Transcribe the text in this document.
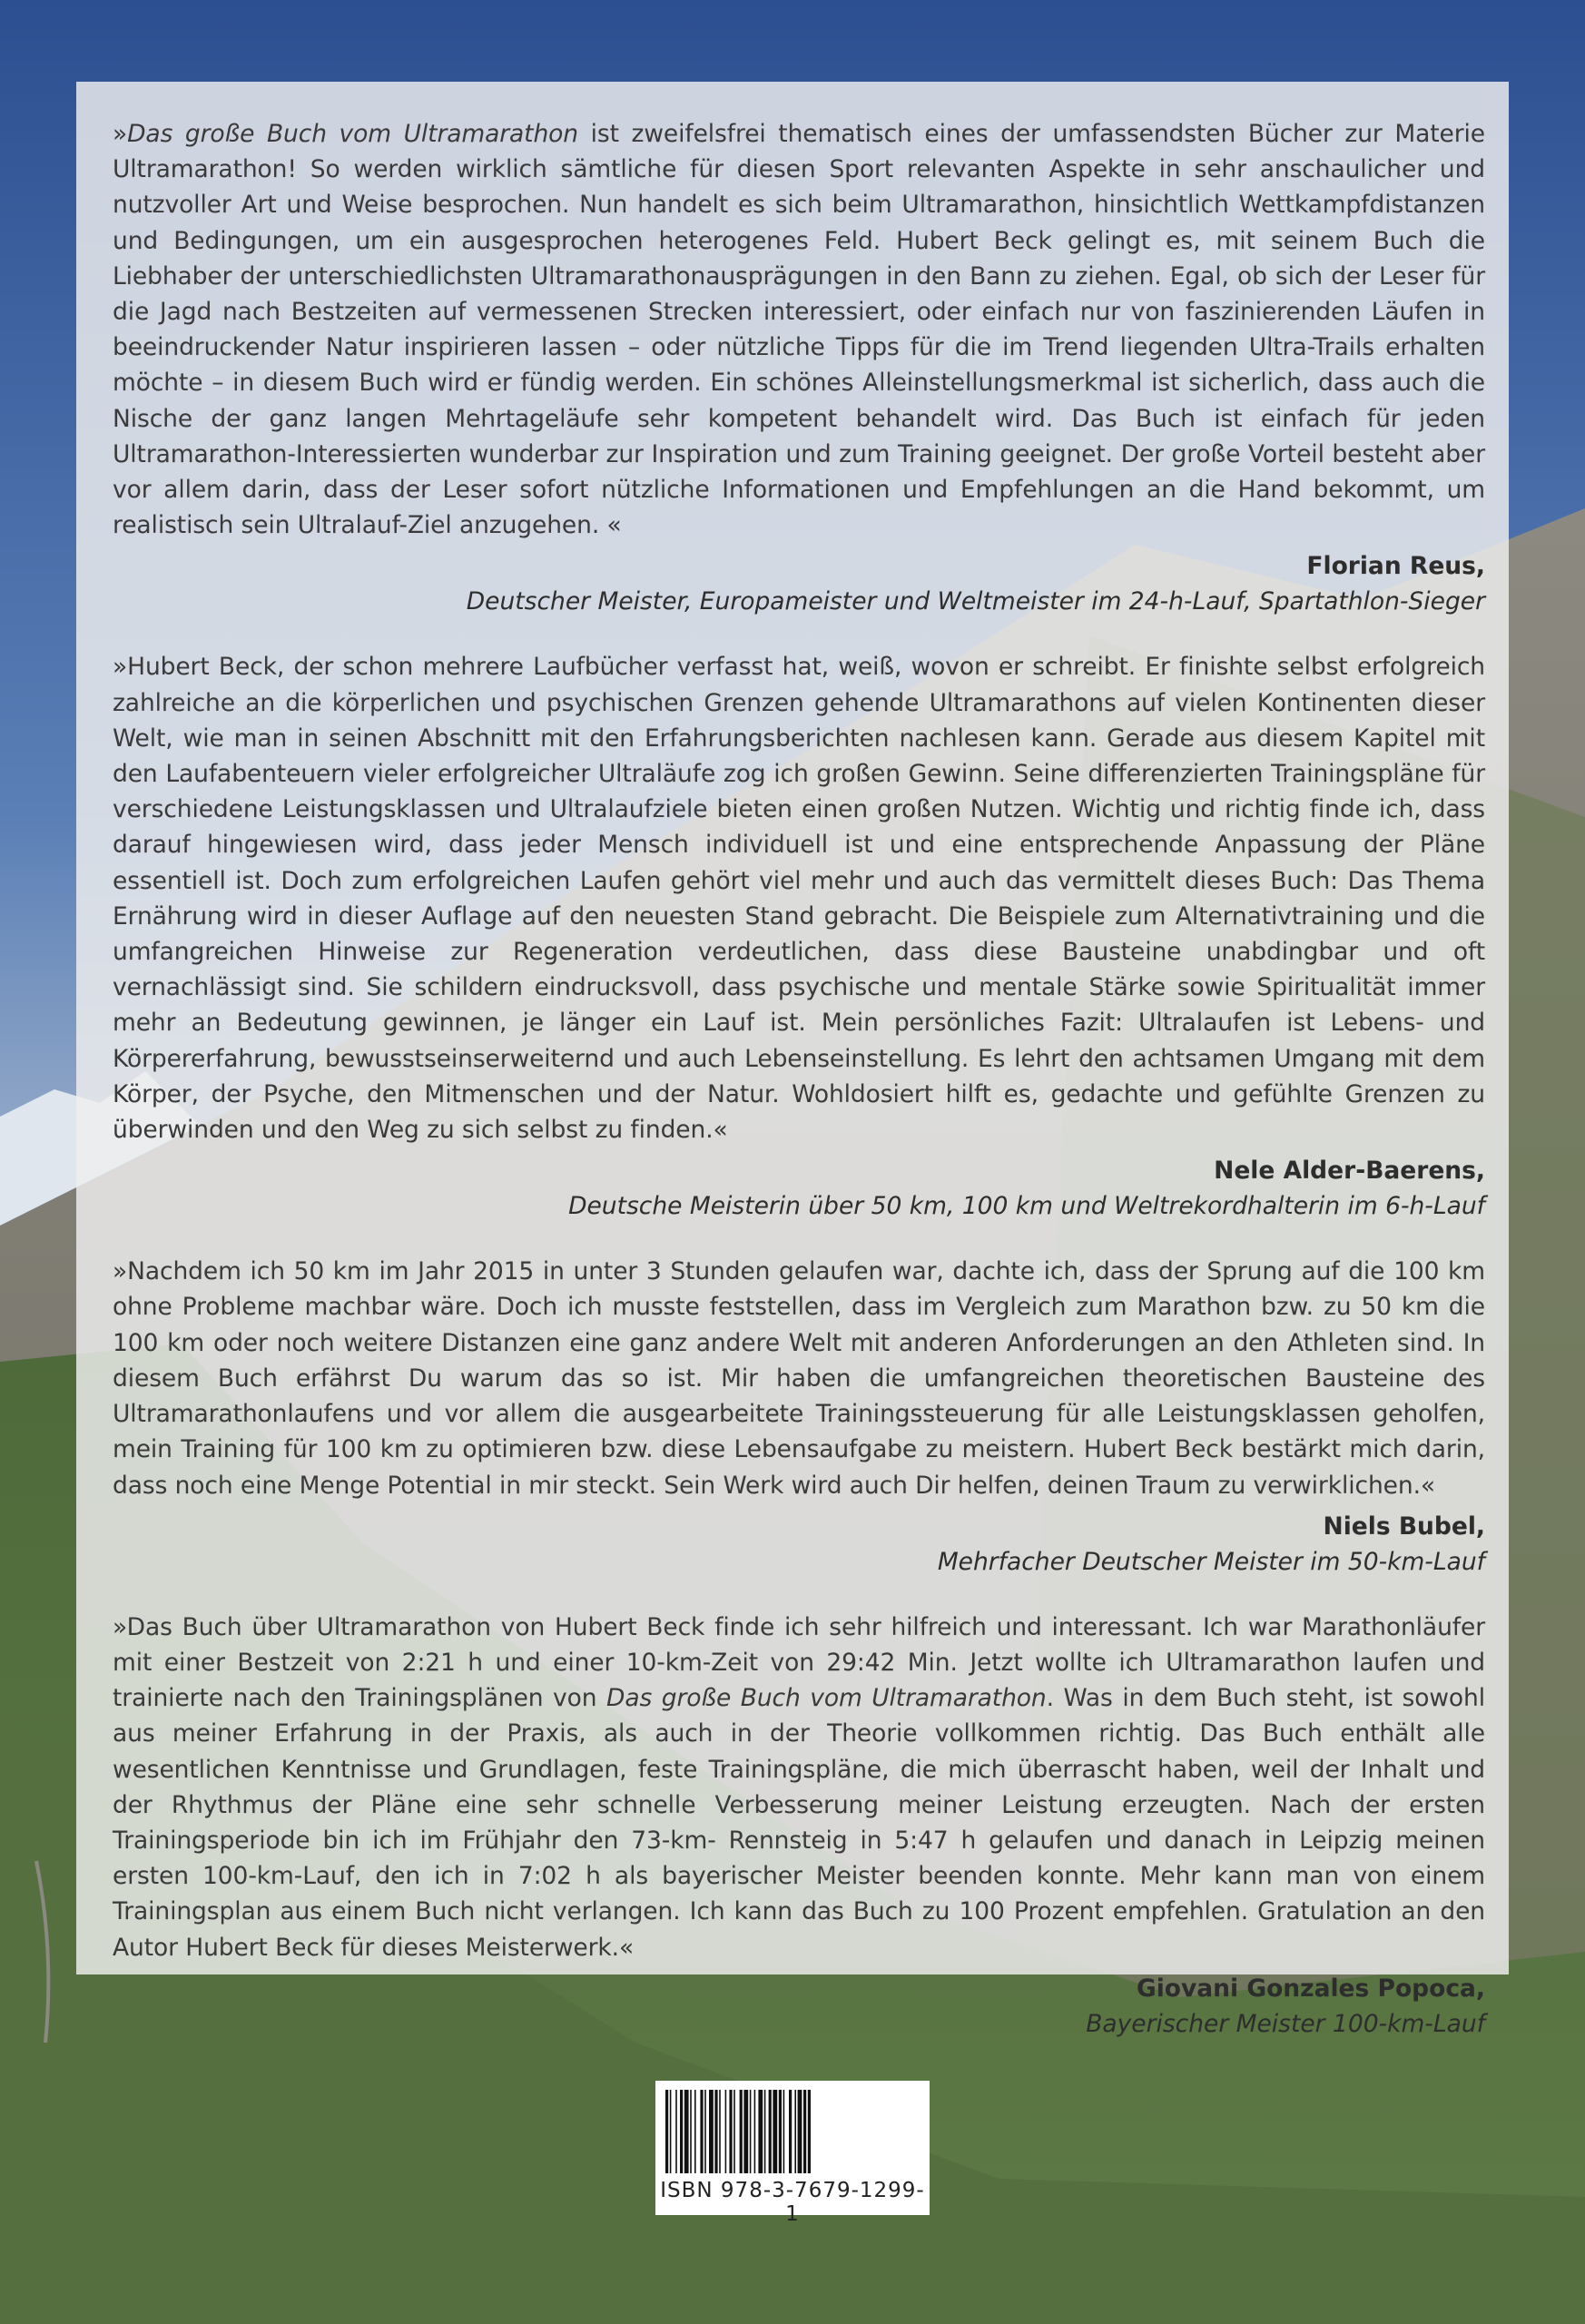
»Das große Buch vom Ultramarathon ist zweifelsfrei thematisch eines der umfassendsten Bücher zur Materie Ultramarathon! So werden wirklich sämtliche für diesen Sport relevanten Aspekte in sehr anschaulicher und nutzvoller Art und Weise besprochen. Nun handelt es sich beim Ultramarathon, hinsichtlich Wettkampfdistanzen und Bedingungen, um ein ausgesprochen heterogenes Feld. Hubert Beck gelingt es, mit seinem Buch die Liebhaber der unterschiedlichsten Ultramarathonausprägungen in den Bann zu ziehen. Egal, ob sich der Leser für die Jagd nach Bestzeiten auf vermessenen Strecken interessiert, oder einfach nur von faszinierenden Läufen in beeindruckender Natur inspirieren lassen – oder nützliche Tipps für die im Trend liegenden Ultra-Trails erhalten möchte – in diesem Buch wird er fündig werden. Ein schönes Alleinstellungsmerkmal ist sicherlich, dass auch die Nische der ganz langen Mehrtageläufe sehr kompetent behandelt wird. Das Buch ist einfach für jeden Ultramarathon-Interessierten wunderbar zur Inspiration und zum Training geeignet. Der große Vorteil besteht aber vor allem darin, dass der Leser sofort nützliche Informationen und Empfehlungen an die Hand bekommt, um realistisch sein Ultralauf-Ziel anzugehen. «

Florian Reus,
Deutscher Meister, Europameister und Weltmeister im 24-h-Lauf, Spartathlon-Sieger

»Hubert Beck, der schon mehrere Laufbücher verfasst hat, weiß, wovon er schreibt. Er finishte selbst erfolgreich zahlreiche an die körperlichen und psychischen Grenzen gehende Ultramarathons auf vielen Kontinenten dieser Welt, wie man in seinen Abschnitt mit den Erfahrungsberichten nachlesen kann. Gerade aus diesem Kapitel mit den Laufabenteuern vieler erfolgreicher Ultraläufe zog ich großen Gewinn. Seine differenzierten Trainingspläne für verschiedene Leistungsklassen und Ultralaufziele bieten einen großen Nutzen. Wichtig und richtig finde ich, dass darauf hingewiesen wird, dass jeder Mensch individuell ist und eine entsprechende Anpassung der Pläne essentiell ist. Doch zum erfolgreichen Laufen gehört viel mehr und auch das vermittelt dieses Buch: Das Thema Ernährung wird in dieser Auflage auf den neuesten Stand gebracht. Die Beispiele zum Alternativtraining und die umfangreichen Hinweise zur Regeneration verdeutlichen, dass diese Bausteine unabdingbar und oft vernachlässigt sind. Sie schildern eindrucksvoll, dass psychische und mentale Stärke sowie Spiritualität immer mehr an Bedeutung gewinnen, je länger ein Lauf ist. Mein persönliches Fazit: Ultralaufen ist Lebens- und Körpererfahrung, bewusstseinserweiternd und auch Lebenseinstellung. Es lehrt den achtsamen Umgang mit dem Körper, der Psyche, den Mitmenschen und der Natur. Wohldosiert hilft es, gedachte und gefühlte Grenzen zu überwinden und den Weg zu sich selbst zu finden.«

Nele Alder-Baerens,
Deutsche Meisterin über 50 km, 100 km und Weltrekordhalterin im 6-h-Lauf

»Nachdem ich 50 km im Jahr 2015 in unter 3 Stunden gelaufen war, dachte ich, dass der Sprung auf die 100 km ohne Probleme machbar wäre. Doch ich musste feststellen, dass im Vergleich zum Marathon bzw. zu 50 km die 100 km oder noch weitere Distanzen eine ganz andere Welt mit anderen Anforderungen an den Athleten sind. In diesem Buch erfährst Du warum das so ist. Mir haben die umfangreichen theoretischen Bausteine des Ultramarathonlaufens und vor allem die ausgearbeitete Trainingssteuerung für alle Leistungsklassen geholfen, mein Training für 100 km zu optimieren bzw. diese Lebensaufgabe zu meistern. Hubert Beck bestärkt mich darin, dass noch eine Menge Potential in mir steckt. Sein Werk wird auch Dir helfen, deinen Traum zu verwirklichen.«

Niels Bubel,
Mehrfacher Deutscher Meister im 50-km-Lauf

»Das Buch über Ultramarathon von Hubert Beck finde ich sehr hilfreich und interessant. Ich war Marathonläufer mit einer Bestzeit von 2:21 h und einer 10-km-Zeit von 29:42 Min. Jetzt wollte ich Ultramarathon laufen und trainierte nach den Trainingsplänen von Das große Buch vom Ultramarathon. Was in dem Buch steht, ist sowohl aus meiner Erfahrung in der Praxis, als auch in der Theorie vollkommen richtig. Das Buch enthält alle wesentlichen Kenntnisse und Grundlagen, feste Trainingspläne, die mich überrascht haben, weil der Inhalt und der Rhythmus der Pläne eine sehr schnelle Verbesserung meiner Leistung erzeugten. Nach der ersten Trainingsperiode bin ich im Frühjahr den 73-km- Rennsteig in 5:47 h gelaufen und danach in Leipzig meinen ersten 100-km-Lauf, den ich in 7:02 h als bayerischer Meister beenden konnte. Mehr kann man von einem Trainingsplan aus einem Buch nicht verlangen. Ich kann das Buch zu 100 Prozent empfehlen. Gratulation an den Autor Hubert Beck für dieses Meisterwerk.«

Giovani Gonzales Popoca,
Bayerischer Meister 100-km-Lauf
ISBN 978-3-7679-1299-1
